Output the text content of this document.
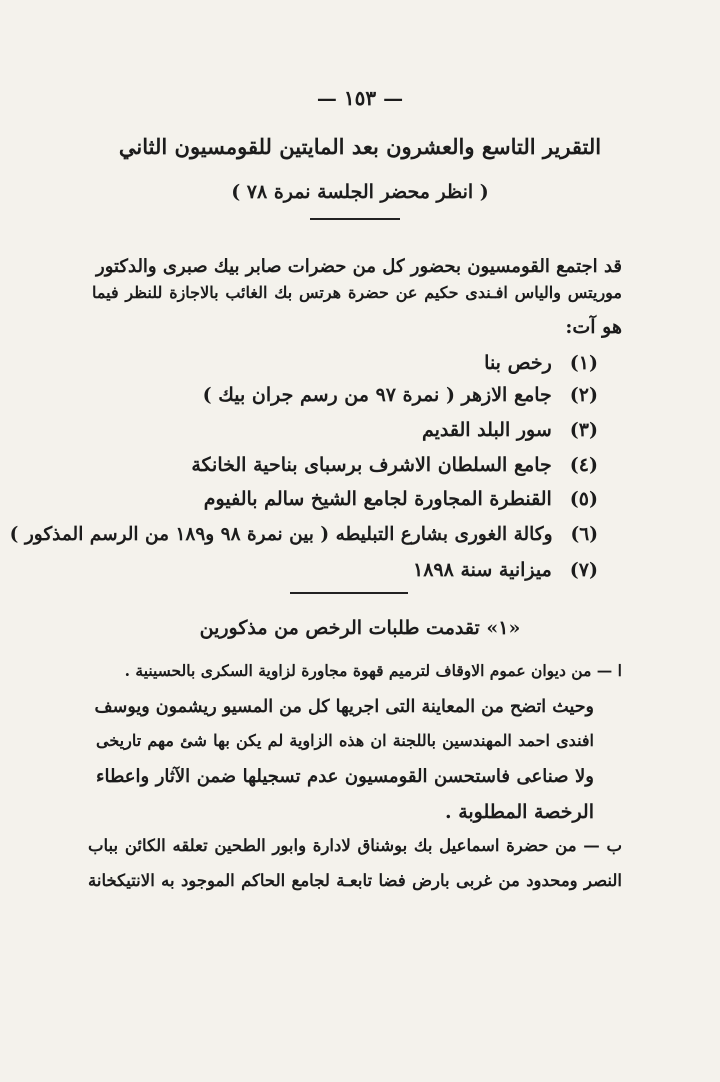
— ١٥٣ —
التقرير التاسع والعشرون بعد المايتين للقومسيون الثاني
( انظر محضر الجلسة نمرة ٧٨ )
قد اجتمع القومسيون بحضور كل من حضرات صابر بيك صبرى والدكتور
موريتس والياس افـندى حكيم عن حضرة هرتس بك الغائب بالاجازة للنظر فيما
هو آت:
(١)
رخص بنا
(٢)
جامع الازهر ( نمرة ٩٧ من رسم جران بيك )
(٣)
سور البلد القديم
(٤)
جامع السلطان الاشرف برسباى بناحية الخانكة
(٥)
القنطرة المجاورة لجامع الشيخ سالم بالفيوم
(٦)
وكالة الغورى بشارع التبليطه ( بين نمرة ٩٨ و١٨٩ من الرسم المذكور )
(٧)
ميزانية سنة ١٨٩٨
«١» تقدمت طلبات الرخص من مذكورين
ا — من ديوان عموم الاوقاف لترميم قهوة مجاورة لزاوية السكرى بالحسينية .
وحيث اتضح من المعاينة التى اجريها كل من المسيو ريشمون ويوسف
افندى احمد المهندسين باللجنة ان هذه الزاوية لم يكن بها شئ مهم تاريخى
ولا صناعى فاستحسن القومسيون عدم تسجيلها ضمن الآثار واعطاء
الرخصة المطلوبة .
ب — من حضرة اسماعيل بك بوشناق لادارة وابور الطحين تعلقه الكائن بباب
النصر ومحدود من غربى بارض فضا تابعـة لجامع الحاكم الموجود به الانتيكخانة
